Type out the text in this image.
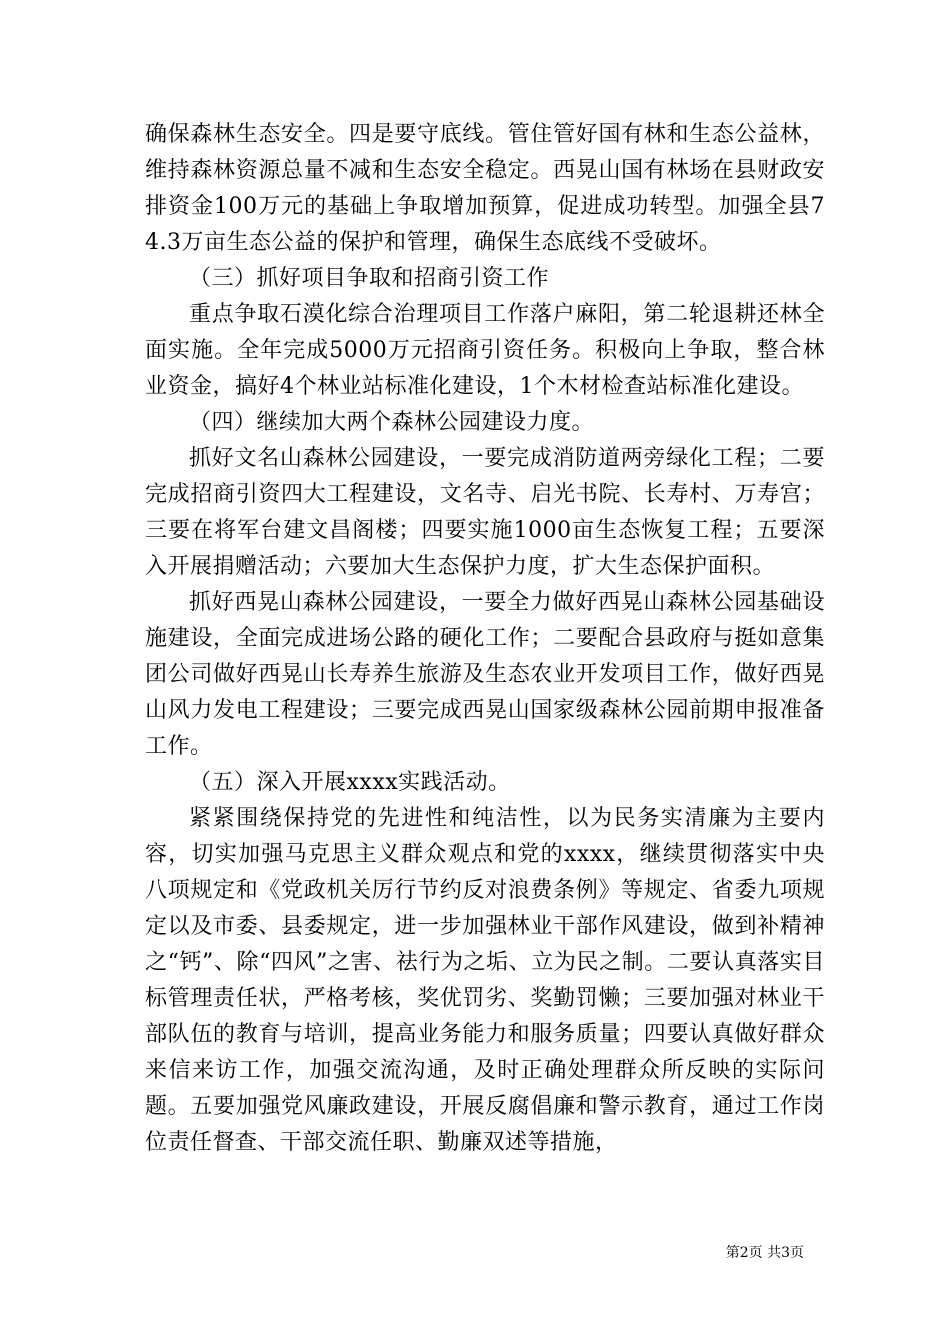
确保森林生态安全。四是要守底线。管住管好国有林和生态公益林，维持森林资源总量不减和生态安全稳定。西晃山国有林场在县财政安排资金100万元的基础上争取增加预算，促进成功转型。加强全县74.3万亩生态公益的保护和管理，确保生态底线不受破坏。

（三）抓好项目争取和招商引资工作

重点争取石漠化综合治理项目工作落户麻阳，第二轮退耕还林全面实施。全年完成5000万元招商引资任务。积极向上争取，整合林业资金，搞好4个林业站标准化建设，1个木材检查站标准化建设。

（四）继续加大两个森林公园建设力度。

抓好文名山森林公园建设，一要完成消防道两旁绿化工程；二要完成招商引资四大工程建设，文名寺、启光书院、长寿村、万寿宫；三要在将军台建文昌阁楼；四要实施1000亩生态恢复工程；五要深入开展捐赠活动；六要加大生态保护力度，扩大生态保护面积。

抓好西晃山森林公园建设，一要全力做好西晃山森林公园基础设施建设，全面完成进场公路的硬化工作；二要配合县政府与挺如意集团公司做好西晃山长寿养生旅游及生态农业开发项目工作，做好西晃山风力发电工程建设；三要完成西晃山国家级森林公园前期申报准备工作。

（五）深入开展xxxx实践活动。

紧紧围绕保持党的先进性和纯洁性，以为民务实清廉为主要内容，切实加强马克思主义群众观点和党的xxxx，继续贯彻落实中央八项规定和《党政机关厉行节约反对浪费条例》等规定、省委九项规定以及市委、县委规定，进一步加强林业干部作风建设，做到补精神之“钙”、除“四风”之害、祛行为之垢、立为民之制。二要认真落实目标管理责任状，严格考核，奖优罚劣、奖勤罚懒；三要加强对林业干部队伍的教育与培训，提高业务能力和服务质量；四要认真做好群众来信来访工作，加强交流沟通，及时正确处理群众所反映的实际问题。五要加强党风廉政建设，开展反腐倡廉和警示教育，通过工作岗位责任督查、干部交流任职、勤廉双述等措施，

第2页 共3页
